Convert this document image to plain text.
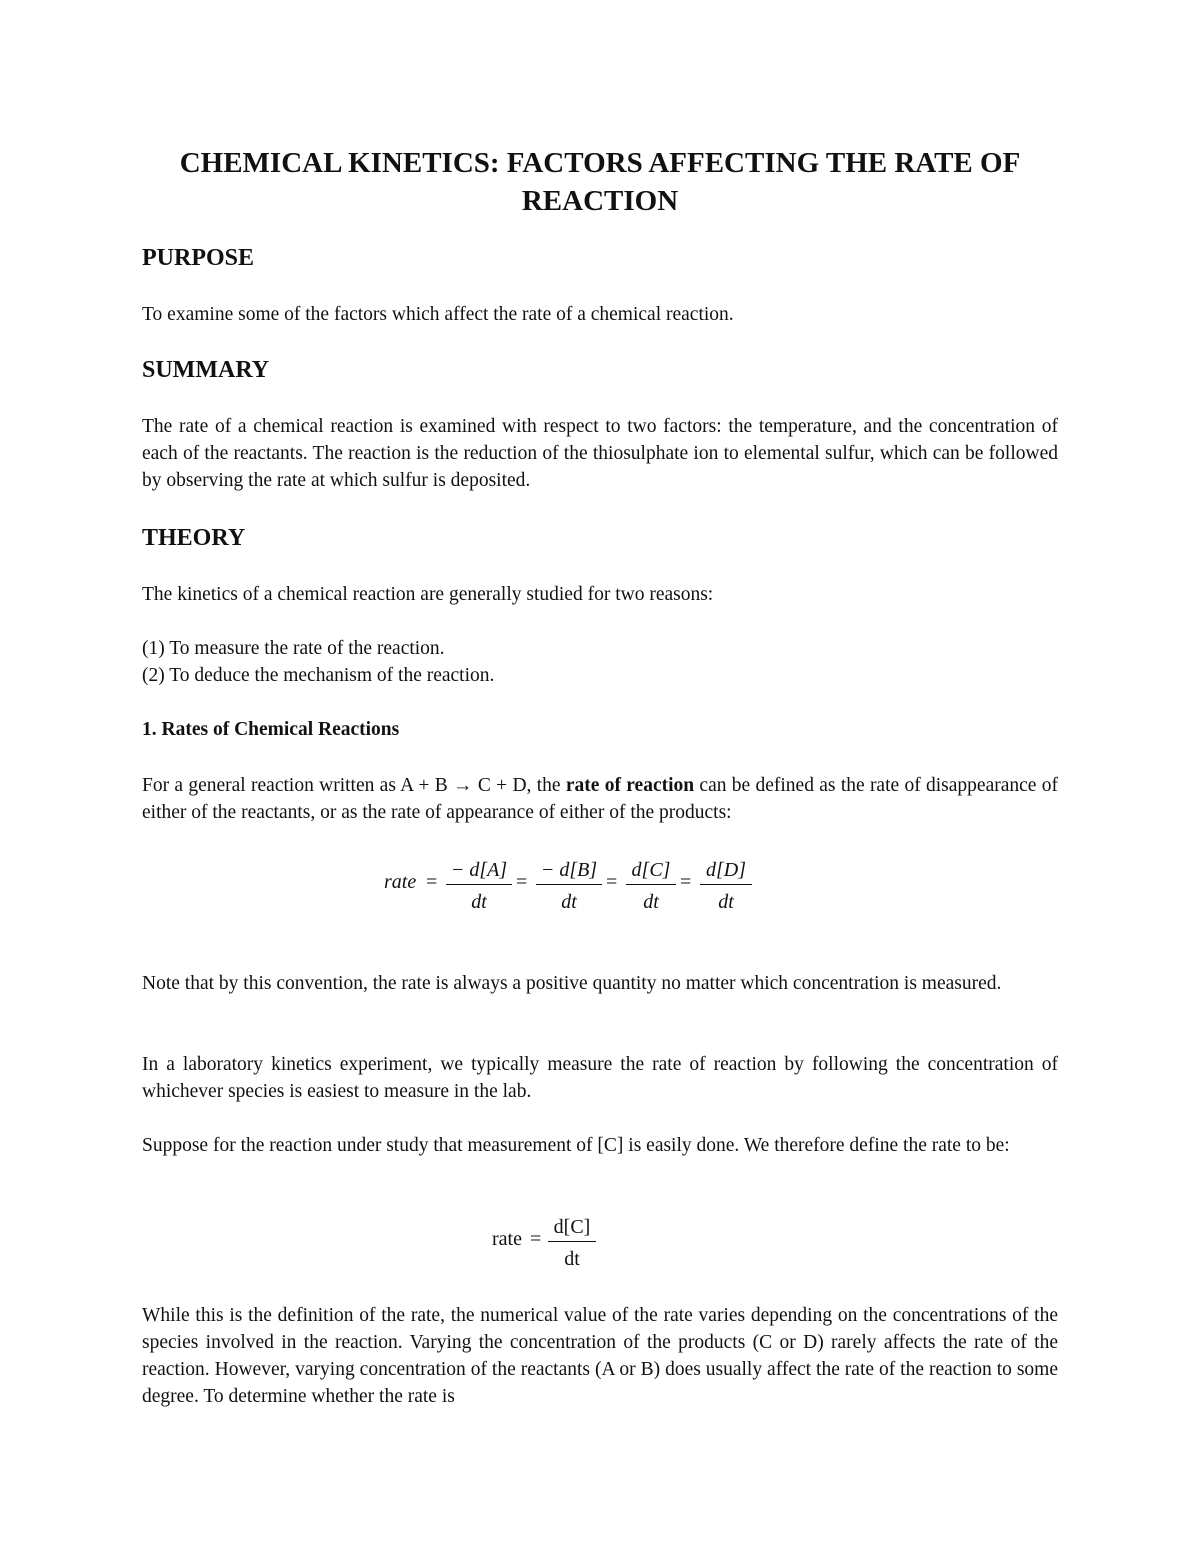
CHEMICAL KINETICS: FACTORS AFFECTING THE RATE OF REACTION
PURPOSE

To examine some of the factors which affect the rate of a chemical reaction.

SUMMARY

The rate of a chemical reaction is examined with respect to two factors: the temperature, and the concentration of each of the reactants. The reaction is the reduction of the thiosulphate ion to elemental sulfur, which can be followed by observing the rate at which sulfur is deposited.

THEORY

The kinetics of a chemical reaction are generally studied for two reasons:

(1) To measure the rate of the reaction.

(2) To deduce the mechanism of the reaction.

1. Rates of Chemical Reactions

For a general reaction written as A + B → C + D, the rate of reaction can be defined as the rate of disappearance of either of the reactants, or as the rate of appearance of either of the products:

rate = $\frac{- d[A]}{dt} = \frac{- d[B]}{dt} = \frac{d[C]}{dt} = \frac{d[D]}{dt}$

Note that by this convention, the rate is always a positive quantity no matter which concentration is measured.

In a laboratory kinetics experiment, we typically measure the rate of reaction by following the concentration of whichever species is easiest to measure in the lab.

Suppose for the reaction under study that measurement of [C] is easily done. We therefore define the rate to be:

rate = $\frac{d[C]}{dt}$

While this is the definition of the rate, the numerical value of the rate varies depending on the concentrations of the species involved in the reaction. Varying the concentration of the products (C or D) rarely affects the rate of the reaction. However, varying concentration of the reactants (A or B) does usually affect the rate of the reaction to some degree. To determine whether the rate is
